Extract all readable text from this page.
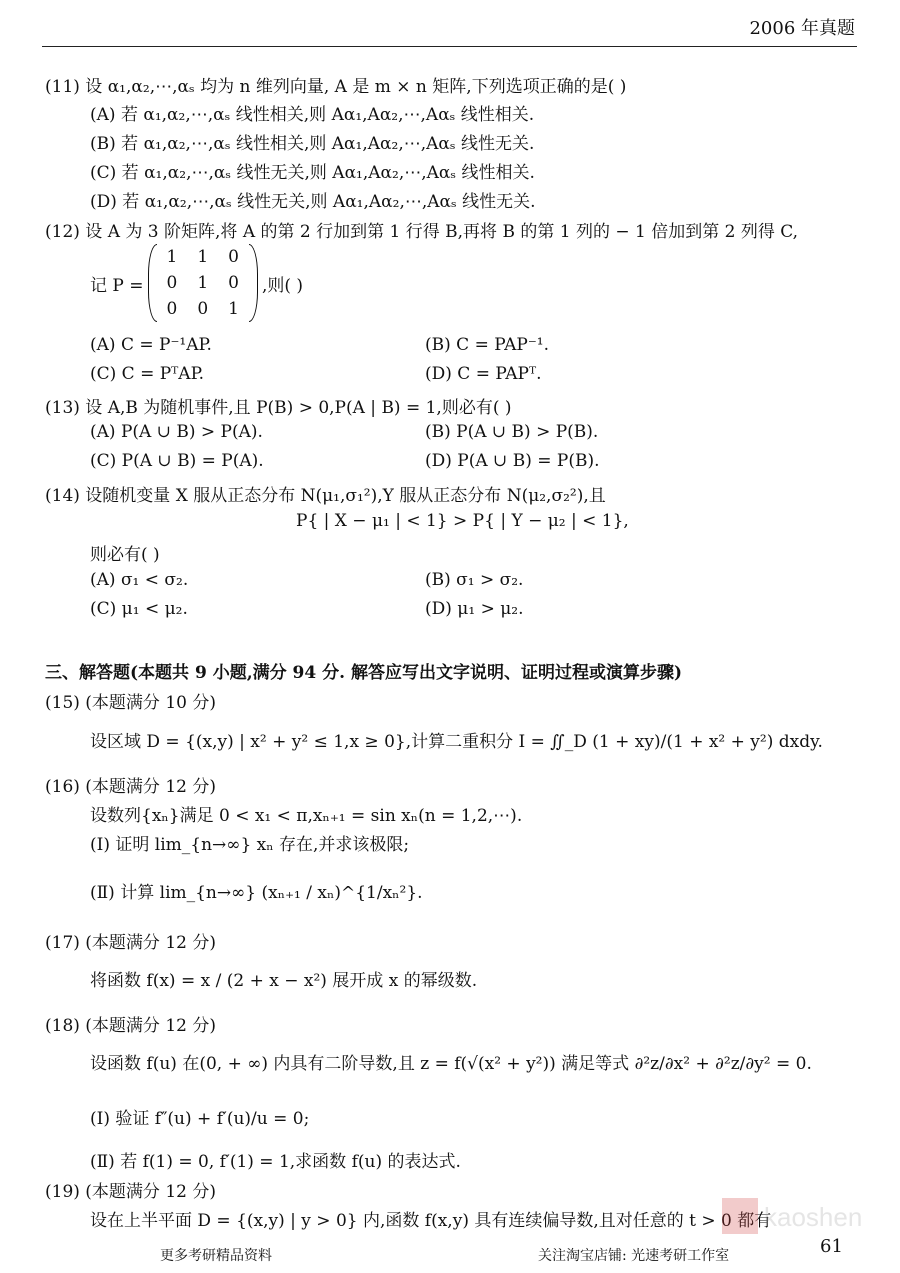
2006 年真题
(11) 设 α₁,α₂,⋯,αₛ 均为 n 维列向量, A 是 m × n 矩阵,下列选项正确的是( )
(A) 若 α₁,α₂,⋯,αₛ 线性相关,则 Aα₁,Aα₂,⋯,Aαₛ 线性相关.
(B) 若 α₁,α₂,⋯,αₛ 线性相关,则 Aα₁,Aα₂,⋯,Aαₛ 线性无关.
(C) 若 α₁,α₂,⋯,αₛ 线性无关,则 Aα₁,Aα₂,⋯,Aαₛ 线性相关.
(D) 若 α₁,α₂,⋯,αₛ 线性无关,则 Aα₁,Aα₂,⋯,Aαₛ 线性无关.
(12) 设 A 为 3 阶矩阵,将 A 的第 2 行加到第 1 行得 B,再将 B 的第 1 列的 − 1 倍加到第 2 列得 C,
(A) C = P⁻¹AP.	(B) C = PAP⁻¹.
(C) C = PᵀAP.	(D) C = PAPᵀ.
(13) 设 A,B 为随机事件,且 P(B) > 0,P(A | B) = 1,则必有( )
(A) P(A ∪ B) > P(A).	(B) P(A ∪ B) > P(B).
(C) P(A ∪ B) = P(A).	(D) P(A ∪ B) = P(B).
(14) 设随机变量 X 服从正态分布 N(μ₁,σ₁²),Y 服从正态分布 N(μ₂,σ₂²),且
P{ | X − μ₁ | < 1} > P{ | Y − μ₂ | < 1},
则必有( )
(A) σ₁ < σ₂.	(B) σ₁ > σ₂.
(C) μ₁ < μ₂.	(D) μ₁ > μ₂.
三、解答题(本题共 9 小题,满分 94 分. 解答应写出文字说明、证明过程或演算步骤)
(15) (本题满分 10 分)
设区域 D = {(x,y) | x² + y² ≤ 1,x ≥ 0},计算二重积分 I = ∬_D (1 + xy)/(1 + x² + y²) dxdy.
(16) (本题满分 12 分)
设数列{xₙ}满足 0 < x₁ < π,xₙ₊₁ = sin xₙ(n = 1,2,⋯).
(Ⅰ) 证明 lim_{n→∞} xₙ 存在,并求该极限;
(Ⅱ) 计算 lim_{n→∞} (xₙ₊₁ / xₙ)^{1/xₙ²}.
(17) (本题满分 12 分)
将函数 f(x) = x / (2 + x − x²) 展开成 x 的幂级数.
(18) (本题满分 12 分)
设函数 f(u) 在(0, + ∞) 内具有二阶导数,且 z = f(√(x² + y²)) 满足等式 ∂²z/∂x² + ∂²z/∂y² = 0.
(Ⅰ) 验证 f″(u) + f′(u)/u = 0;
(Ⅱ) 若 f(1) = 0, f′(1) = 1,求函数 f(u) 的表达式.
(19) (本题满分 12 分)
设在上半平面 D = {(x,y) | y > 0} 内,函数 f(x,y) 具有连续偏导数,且对任意的 t > 0 都有
记 P =
1	1	0
0	1	0
0	0	1
,则( )
kaoshen
更多考研精品资料	关注淘宝店铺: 光速考研工作室	61
